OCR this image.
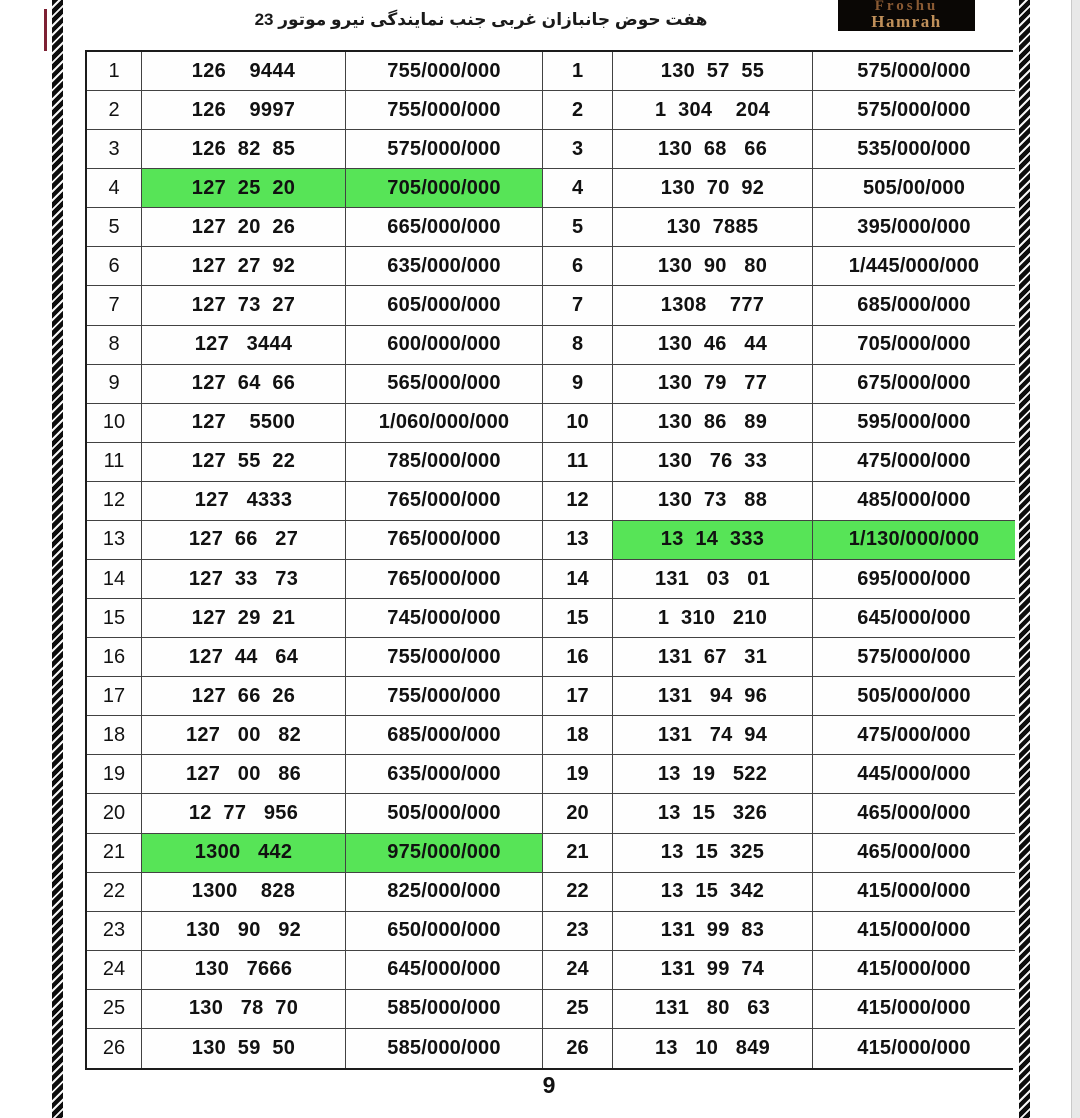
هفت حوض جانبازان غربی جنب نمایندگی نیرو موتور 23
Froshu
Hamrah
1	126    9444	755/000/000	1	130  57  55	575/000/000
2	126    9997	755/000/000	2	1  304    204	575/000/000
3	126  82  85	575/000/000	3	130  68   66	535/000/000
4	127  25  20	705/000/000	4	130  70  92	505/00/000
5	127  20  26	665/000/000	5	130  7885	395/000/000
6	127  27  92	635/000/000	6	130  90   80	1/445/000/000
7	127  73  27	605/000/000	7	1308    777	685/000/000
8	127   3444	600/000/000	8	130  46   44	705/000/000
9	127  64  66	565/000/000	9	130  79   77	675/000/000
10	127    5500	1/060/000/000	10	130  86   89	595/000/000
11	127  55  22	785/000/000	11	130   76  33	475/000/000
12	127   4333	765/000/000	12	130  73   88	485/000/000
13	127  66   27	765/000/000	13	13  14  333	1/130/000/000
14	127  33   73	765/000/000	14	131   03   01	695/000/000
15	127  29  21	745/000/000	15	1  310   210	645/000/000
16	127  44   64	755/000/000	16	131  67   31	575/000/000
17	127  66  26	755/000/000	17	131   94  96	505/000/000
18	127   00   82	685/000/000	18	131   74  94	475/000/000
19	127   00   86	635/000/000	19	13  19   522	445/000/000
20	12  77   956	505/000/000	20	13  15   326	465/000/000
21	1300   442	975/000/000	21	13  15  325	465/000/000
22	1300    828	825/000/000	22	13  15  342	415/000/000
23	130   90   92	650/000/000	23	131  99  83	415/000/000
24	130   7666	645/000/000	24	131  99  74	415/000/000
25	130   78  70	585/000/000	25	131   80   63	415/000/000
26	130  59  50	585/000/000	26	13   10   849	415/000/000
9
